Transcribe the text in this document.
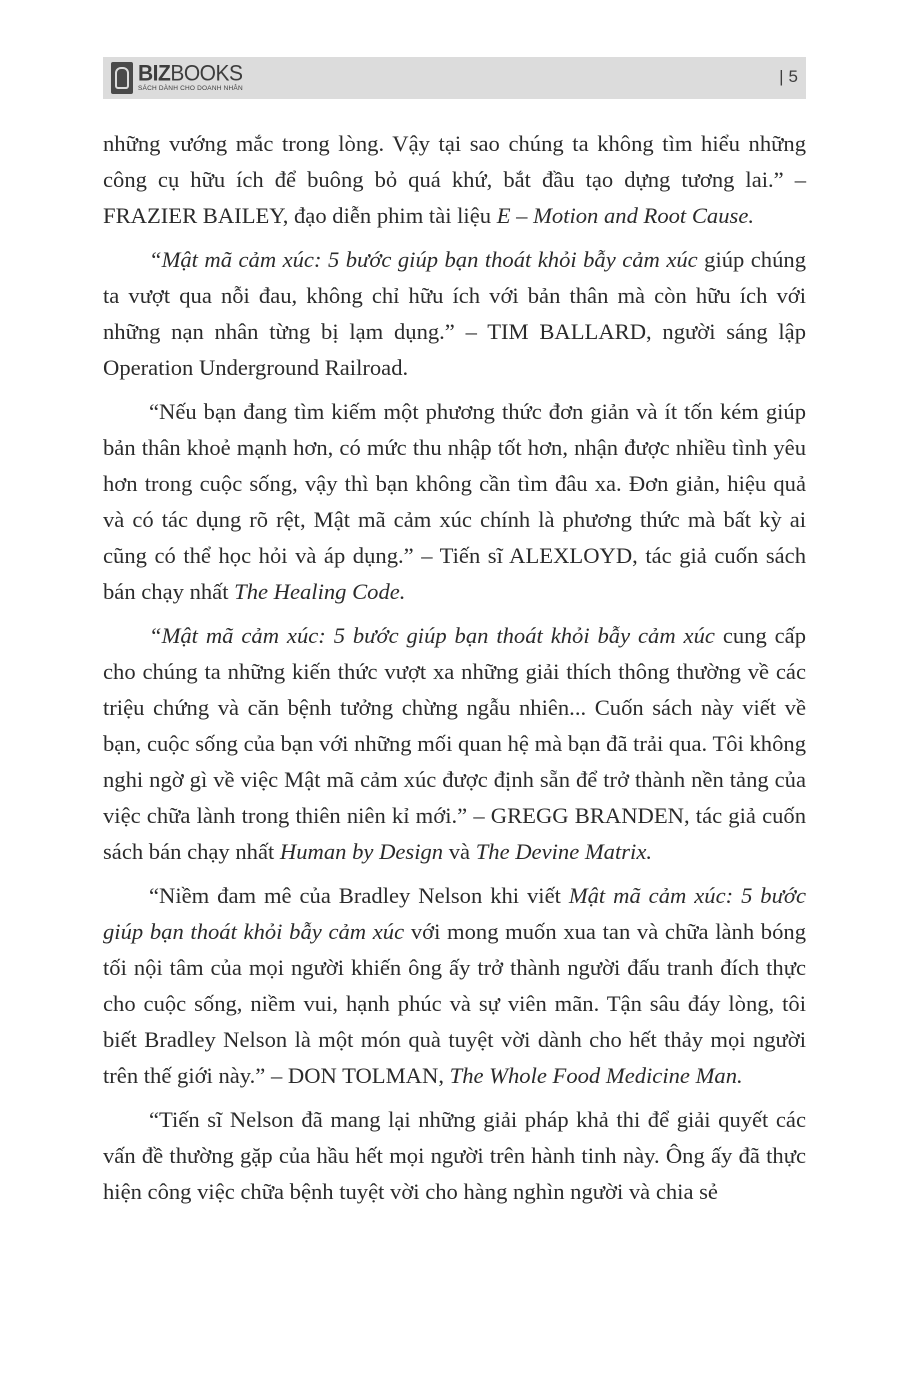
BIZBOOKS
SÁCH DÀNH CHO DOANH NHÂN
| 5

những vướng mắc trong lòng. Vậy tại sao chúng ta không tìm hiểu những công cụ hữu ích để buông bỏ quá khứ, bắt đầu tạo dựng tương lai.” – FRAZIER BAILEY, đạo diễn phim tài liệu E – Motion and Root Cause.

“Mật mã cảm xúc: 5 bước giúp bạn thoát khỏi bẫy cảm xúc giúp chúng ta vượt qua nỗi đau, không chỉ hữu ích với bản thân mà còn hữu ích với những nạn nhân từng bị lạm dụng.” – TIM BALLARD, người sáng lập Operation Underground Railroad.

“Nếu bạn đang tìm kiếm một phương thức đơn giản và ít tốn kém giúp bản thân khoẻ mạnh hơn, có mức thu nhập tốt hơn, nhận được nhiều tình yêu hơn trong cuộc sống, vậy thì bạn không cần tìm đâu xa. Đơn giản, hiệu quả và có tác dụng rõ rệt, Mật mã cảm xúc chính là phương thức mà bất kỳ ai cũng có thể học hỏi và áp dụng.” – Tiến sĩ ALEXLOYD, tác giả cuốn sách bán chạy nhất The Healing Code.

“Mật mã cảm xúc: 5 bước giúp bạn thoát khỏi bẫy cảm xúc cung cấp cho chúng ta những kiến thức vượt xa những giải thích thông thường về các triệu chứng và căn bệnh tưởng chừng ngẫu nhiên... Cuốn sách này viết về bạn, cuộc sống của bạn với những mối quan hệ mà bạn đã trải qua. Tôi không nghi ngờ gì về việc Mật mã cảm xúc được định sẵn để trở thành nền tảng của việc chữa lành trong thiên niên kỉ mới.” – GREGG BRANDEN, tác giả cuốn sách bán chạy nhất Human by Design và The Devine Matrix.

“Niềm đam mê của Bradley Nelson khi viết Mật mã cảm xúc: 5 bước giúp bạn thoát khỏi bẫy cảm xúc với mong muốn xua tan và chữa lành bóng tối nội tâm của mọi người khiến ông ấy trở thành người đấu tranh đích thực cho cuộc sống, niềm vui, hạnh phúc và sự viên mãn. Tận sâu đáy lòng, tôi biết Bradley Nelson là một món quà tuyệt vời dành cho hết thảy mọi người trên thế giới này.” – DON TOLMAN, The Whole Food Medicine Man.

“Tiến sĩ Nelson đã mang lại những giải pháp khả thi để giải quyết các vấn đề thường gặp của hầu hết mọi người trên hành tinh này. Ông ấy đã thực hiện công việc chữa bệnh tuyệt vời cho hàng nghìn người và chia sẻ
